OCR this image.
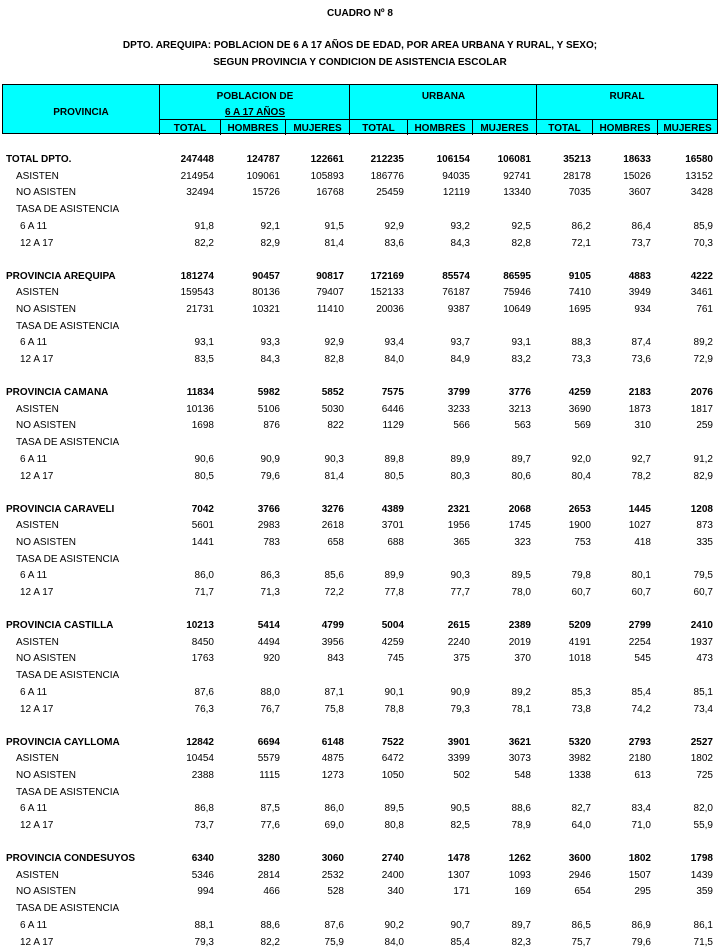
CUADRO Nº 8
DPTO. AREQUIPA: POBLACION DE 6 A 17 AÑOS DE EDAD, POR AREA URBANA Y RURAL, Y SEXO;
SEGUN PROVINCIA Y CONDICION DE ASISTENCIA ESCOLAR
PROVINCIA
POBLACION DE
6 A 17 AÑOS
URBANA	RURAL
TOTAL	HOMBRES	MUJERES	TOTAL	HOMBRES	MUJERES	TOTAL	HOMBRES	MUJERES
TOTAL DPTO.	247448	124787	122661	212235	106154	106081	35213	18633	16580
ASISTEN	214954	109061	105893	186776	94035	92741	28178	15026	13152
NO ASISTEN	32494	15726	16768	25459	12119	13340	7035	3607	3428
TASA DE ASISTENCIA
6 A 11	91,8	92,1	91,5	92,9	93,2	92,5	86,2	86,4	85,9
12 A 17	82,2	82,9	81,4	83,6	84,3	82,8	72,1	73,7	70,3
PROVINCIA AREQUIPA	181274	90457	90817	172169	85574	86595	9105	4883	4222
ASISTEN	159543	80136	79407	152133	76187	75946	7410	3949	3461
NO ASISTEN	21731	10321	11410	20036	9387	10649	1695	934	761
TASA DE ASISTENCIA
6 A 11	93,1	93,3	92,9	93,4	93,7	93,1	88,3	87,4	89,2
12 A 17	83,5	84,3	82,8	84,0	84,9	83,2	73,3	73,6	72,9
PROVINCIA CAMANA	11834	5982	5852	7575	3799	3776	4259	2183	2076
ASISTEN	10136	5106	5030	6446	3233	3213	3690	1873	1817
NO ASISTEN	1698	876	822	1129	566	563	569	310	259
TASA DE ASISTENCIA
6 A 11	90,6	90,9	90,3	89,8	89,9	89,7	92,0	92,7	91,2
12 A 17	80,5	79,6	81,4	80,5	80,3	80,6	80,4	78,2	82,9
PROVINCIA CARAVELI	7042	3766	3276	4389	2321	2068	2653	1445	1208
ASISTEN	5601	2983	2618	3701	1956	1745	1900	1027	873
NO ASISTEN	1441	783	658	688	365	323	753	418	335
TASA DE ASISTENCIA
6 A 11	86,0	86,3	85,6	89,9	90,3	89,5	79,8	80,1	79,5
12 A 17	71,7	71,3	72,2	77,8	77,7	78,0	60,7	60,7	60,7
PROVINCIA CASTILLA	10213	5414	4799	5004	2615	2389	5209	2799	2410
ASISTEN	8450	4494	3956	4259	2240	2019	4191	2254	1937
NO ASISTEN	1763	920	843	745	375	370	1018	545	473
TASA DE ASISTENCIA
6 A 11	87,6	88,0	87,1	90,1	90,9	89,2	85,3	85,4	85,1
12 A 17	76,3	76,7	75,8	78,8	79,3	78,1	73,8	74,2	73,4
PROVINCIA CAYLLOMA	12842	6694	6148	7522	3901	3621	5320	2793	2527
ASISTEN	10454	5579	4875	6472	3399	3073	3982	2180	1802
NO ASISTEN	2388	1115	1273	1050	502	548	1338	613	725
TASA DE ASISTENCIA
6 A 11	86,8	87,5	86,0	89,5	90,5	88,6	82,7	83,4	82,0
12 A 17	73,7	77,6	69,0	80,8	82,5	78,9	64,0	71,0	55,9
PROVINCIA CONDESUYOS	6340	3280	3060	2740	1478	1262	3600	1802	1798
ASISTEN	5346	2814	2532	2400	1307	1093	2946	1507	1439
NO ASISTEN	994	466	528	340	171	169	654	295	359
TASA DE ASISTENCIA
6 A 11	88,1	88,6	87,6	90,2	90,7	89,7	86,5	86,9	86,1
12 A 17	79,3	82,2	75,9	84,0	85,4	82,3	75,7	79,6	71,5
